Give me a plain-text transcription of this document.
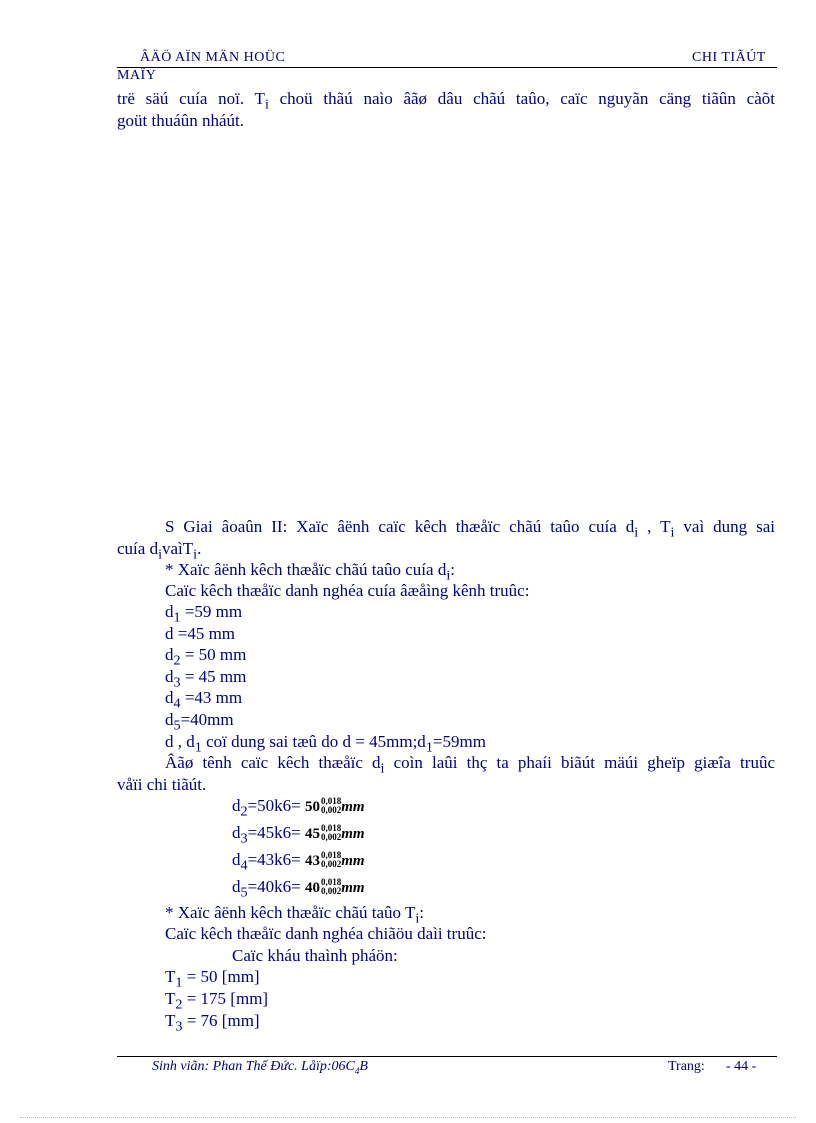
ÂÄÖ AÏN MÄN HOÜC	CHI TIÃÚT
MAÏY
trë säú cuía noï. $T_i$ choü thãú naìo âãø dâu chãú taûo, caïc nguyãn cäng tiãûn càõt
goüt thuáûn nháút.
S Giai âoaûn II: Xaïc âënh caïc kêch thæåïc chãú taûo cuía $d_i$ , $T_i$ vaì dung sai
cuía $d_ivaìT_i$.
* Xaïc âënh kêch thæåïc chãú taûo cuía $d_i$:
Caïc kêch thæåïc danh nghéa cuía âæåìng kênh truûc:
$d_1 =59$ mm
d =45 mm
$d_2 = 50$ mm
$d_3 = 45$ mm
$d_4 =43$ mm
$d_5=40mm$
d , $d_1$ coï dung sai tæû do $d = 45mm;d_1=59mm$
Âãø tênh caïc kêch thæåïc $d_i$ coìn laûi thç ta phaíi biãút mäúi gheïp giæîa truûc
våïi chi tiãút.
$d_2=50k6= 50$ 0,018
0,002 mm
$d_3=45k6= 45$ 0,018
0,002 mm
$d_4=43k6= 43$ 0,018
0,002 mm
$d_5=40k6= 40$ 0,018
0,002 mm
* Xaïc âënh kêch thæåïc chãú taûo $T_i$:
Caïc kêch thæåïc danh nghéa chiãöu daìi truûc:
Caïc kháu thaình pháön:
$T_1 = 50$ [mm]
$T_2 = 175$ [mm]
$T_3 = 76$ [mm]
Sinh viãn: Phan Thế Đức. $Låïp:06C_4B$	Trang: - 44 -
